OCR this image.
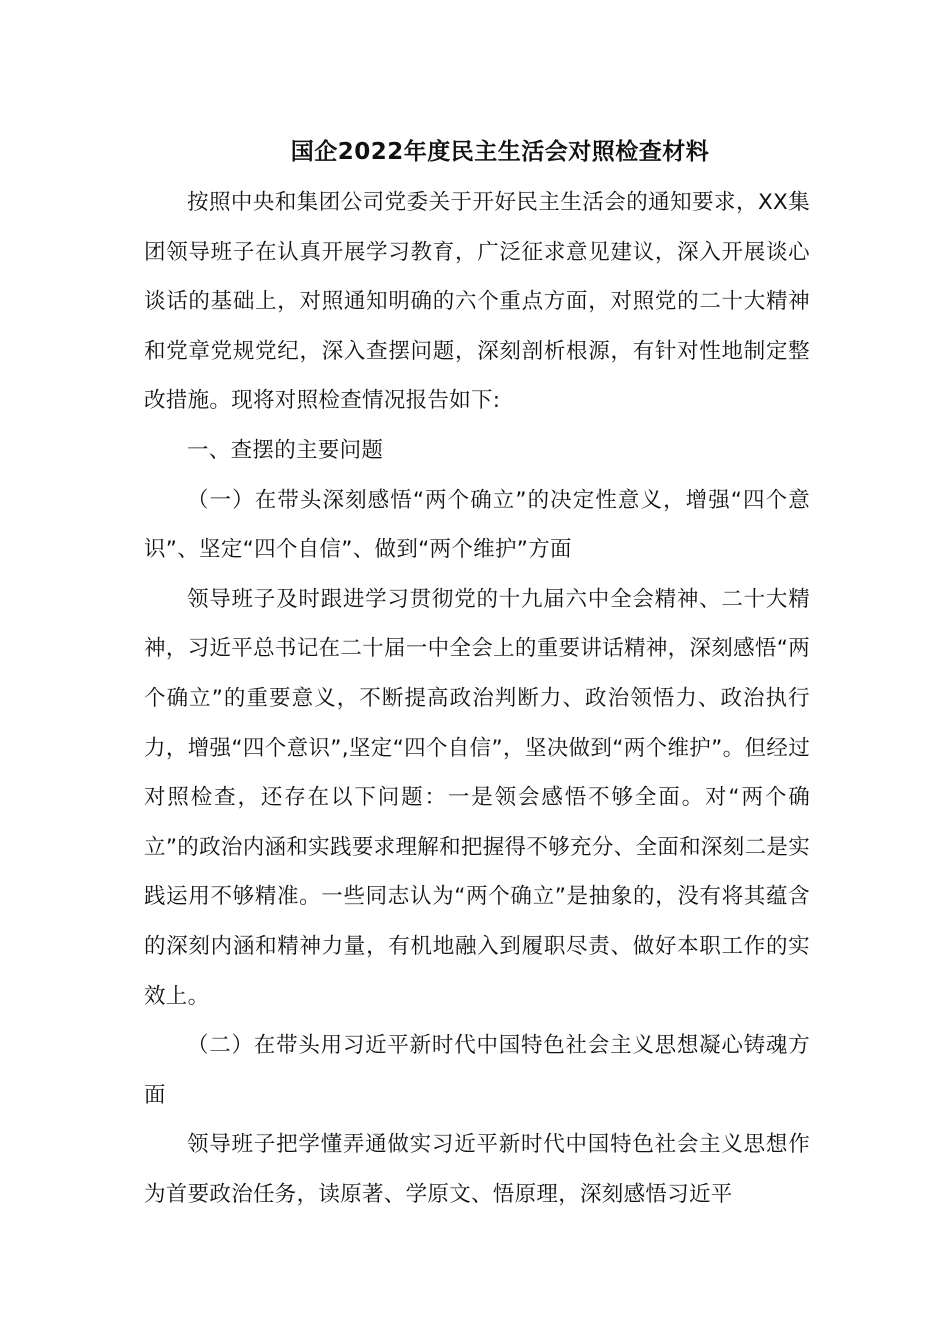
国企2022年度民主生活会对照检查材料

按照中央和集团公司党委关于开好民主生活会的通知要求，XX集团领导班子在认真开展学习教育，广泛征求意见建议，深入开展谈心谈话的基础上，对照通知明确的六个重点方面，对照党的二十大精神和党章党规党纪，深入查摆问题，深刻剖析根源，有针对性地制定整改措施。现将对照检查情况报告如下:

一、查摆的主要问题

（一）在带头深刻感悟“两个确立”的决定性意义，增强“四个意识”、坚定“四个自信”、做到“两个维护”方面

领导班子及时跟进学习贯彻党的十九届六中全会精神、二十大精神，习近平总书记在二十届一中全会上的重要讲话精神，深刻感悟“两个确立”的重要意义，不断提高政治判断力、政治领悟力、政治执行力，增强“四个意识”,坚定“四个自信”，坚决做到“两个维护”。但经过对照检查，还存在以下问题：一是领会感悟不够全面。对“两个确立”的政治内涵和实践要求理解和把握得不够充分、全面和深刻二是实践运用不够精准。一些同志认为“两个确立”是抽象的，没有将其蕴含的深刻内涵和精神力量，有机地融入到履职尽责、做好本职工作的实效上。

（二）在带头用习近平新时代中国特色社会主义思想凝心铸魂方面

领导班子把学懂弄通做实习近平新时代中国特色社会主义思想作为首要政治任务，读原著、学原文、悟原理，深刻感悟习近平
